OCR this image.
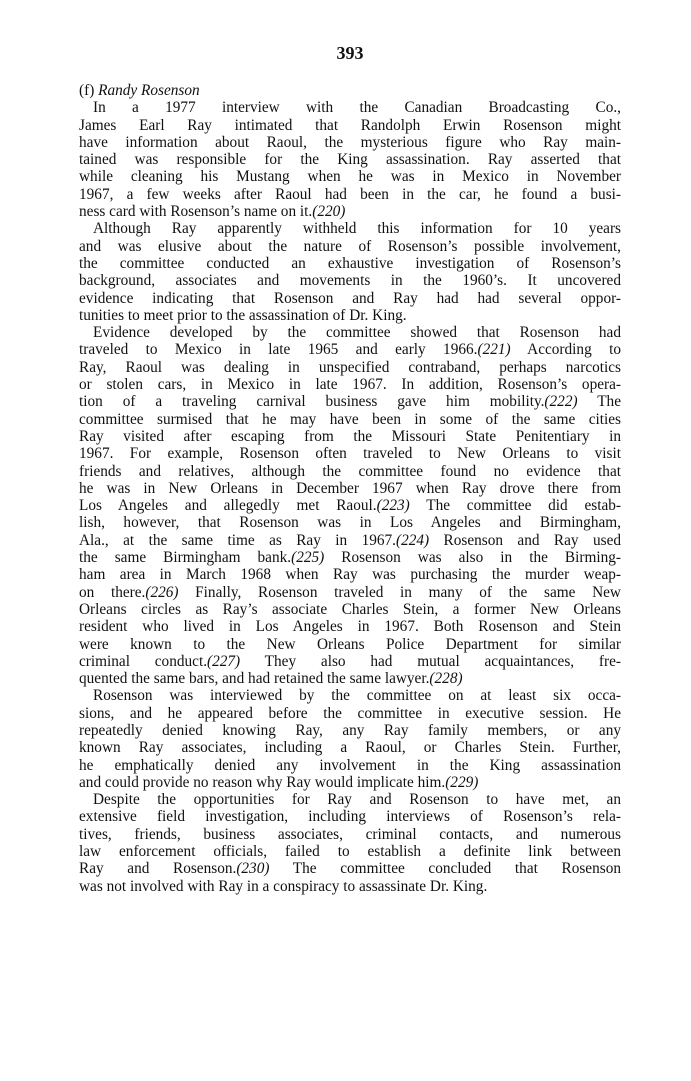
393
(f) Randy Rosenson

In a 1977 interview with the Canadian Broadcasting Co.,
James Earl Ray intimated that Randolph Erwin Rosenson might
have information about Raoul, the mysterious figure who Ray main-
tained was responsible for the King assassination. Ray asserted that
while cleaning his Mustang when he was in Mexico in November
1967, a few weeks after Raoul had been in the car, he found a busi-
ness card with Rosenson’s name on it.(220)

Although Ray apparently withheld this information for 10 years
and was elusive about the nature of Rosenson’s possible involvement,
the committee conducted an exhaustive investigation of Rosenson’s
background, associates and movements in the 1960’s. It uncovered
evidence indicating that Rosenson and Ray had had several oppor-
tunities to meet prior to the assassination of Dr. King.

Evidence developed by the committee showed that Rosenson had
traveled to Mexico in late 1965 and early 1966.(221) According to
Ray, Raoul was dealing in unspecified contraband, perhaps narcotics
or stolen cars, in Mexico in late 1967. In addition, Rosenson’s opera-
tion of a traveling carnival business gave him mobility.(222) The
committee surmised that he may have been in some of the same cities
Ray visited after escaping from the Missouri State Penitentiary in
1967. For example, Rosenson often traveled to New Orleans to visit
friends and relatives, although the committee found no evidence that
he was in New Orleans in December 1967 when Ray drove there from
Los Angeles and allegedly met Raoul.(223) The committee did estab-
lish, however, that Rosenson was in Los Angeles and Birmingham,
Ala., at the same time as Ray in 1967.(224) Rosenson and Ray used
the same Birmingham bank.(225) Rosenson was also in the Birming-
ham area in March 1968 when Ray was purchasing the murder weap-
on there.(226) Finally, Rosenson traveled in many of the same New
Orleans circles as Ray’s associate Charles Stein, a former New Orleans
resident who lived in Los Angeles in 1967. Both Rosenson and Stein
were known to the New Orleans Police Department for similar
criminal conduct.(227) They also had mutual acquaintances, fre-
quented the same bars, and had retained the same lawyer.(228)

Rosenson was interviewed by the committee on at least six occa-
sions, and he appeared before the committee in executive session. He
repeatedly denied knowing Ray, any Ray family members, or any
known Ray associates, including a Raoul, or Charles Stein. Further,
he emphatically denied any involvement in the King assassination
and could provide no reason why Ray would implicate him.(229)

Despite the opportunities for Ray and Rosenson to have met, an
extensive field investigation, including interviews of Rosenson’s rela-
tives, friends, business associates, criminal contacts, and numerous
law enforcement officials, failed to establish a definite link between
Ray and Rosenson.(230) The committee concluded that Rosenson
was not involved with Ray in a conspiracy to assassinate Dr. King.
